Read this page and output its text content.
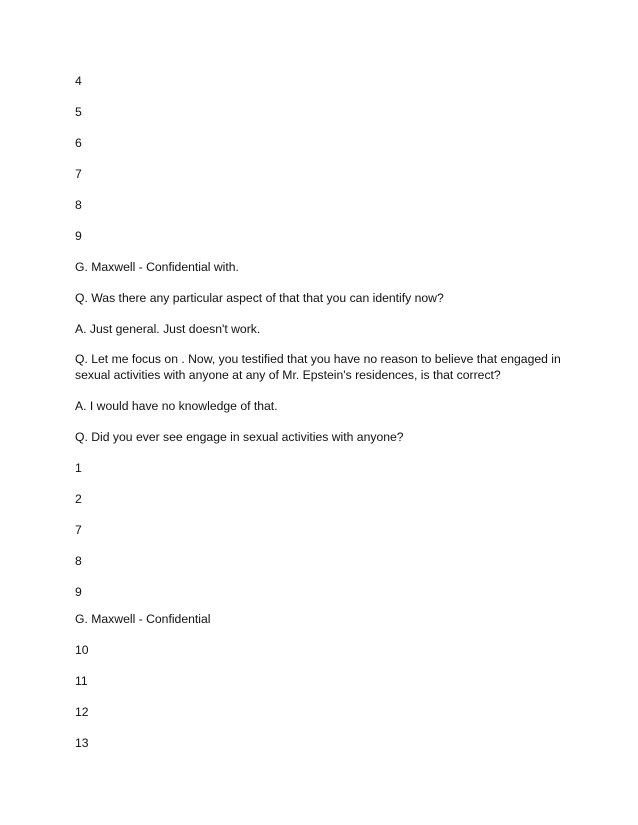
4
5
6
7
8
9
G. Maxwell - Confidential with.
Q. Was there any particular aspect of that that you can identify now?
A. Just general. Just doesn't work.
Q. Let me focus on . Now, you testified that you have no reason to believe that engaged in
sexual activities with anyone at any of Mr. Epstein's residences, is that correct?
A. I would have no knowledge of that.
Q. Did you ever see engage in sexual activities with anyone?
1
2
7
8
9
G. Maxwell - Confidential
10
11
12
13
